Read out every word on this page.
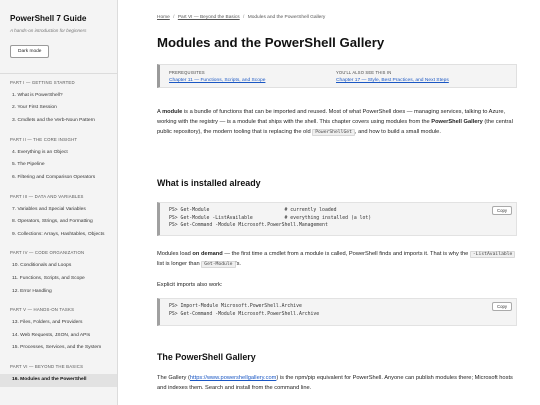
PowerShell 7 Guide
A hands-on introduction for beginners
Dark mode
PART I — GETTING STARTED
1. What is PowerShell?
2. Your First Session
3. Cmdlets and the Verb-Noun Pattern
PART II — THE CORE INSIGHT
4. Everything is an Object
5. The Pipeline
6. Filtering and Comparison Operators
PART III — DATA AND VARIABLES
7. Variables and Special Variables
8. Operators, Strings, and Formatting
9. Collections: Arrays, Hashtables, Objects
PART IV — CODE ORGANIZATION
10. Conditionals and Loops
11. Functions, Scripts, and Scope
12. Error Handling
PART V — HANDS-ON TASKS
13. Files, Folders, and Providers
14. Web Requests, JSON, and APIs
15. Processes, Services, and the System
PART VI — BEYOND THE BASICS
16. Modules and the PowerShell
Home / Part VI — Beyond the Basics / Modules and the PowerShell Gallery
Modules and the PowerShell Gallery
PREREQUISITES
Chapter 11 — Functions, Scripts, and Scope
YOU'LL ALSO SEE THIS IN
Chapter 17 — Style, Best Practices, and Next Steps

A module is a bundle of functions that can be imported and reused. Most of what PowerShell does — managing services, talking to Azure, working with the registry — is a module that ships with the shell. This chapter covers using modules from the PowerShell Gallery (the central public repository), the modern tooling that is replacing the old PowerShellGet , and how to build a small module.

What is installed already
Copy
PS> Get-Module                          # currently loaded
PS> Get-Module -ListAvailable           # everything installed (a lot)
PS> Get-Command -Module Microsoft.PowerShell.Management

Modules load on demand — the first time a cmdlet from a module is called, PowerShell finds and imports it. That is why the -ListAvailable list is longer than Get-Module 's.

Explicit imports also work:

Copy
PS> Import-Module Microsoft.PowerShell.Archive
PS> Get-Command -Module Microsoft.PowerShell.Archive
The PowerShell Gallery

The Gallery (https://www.powershellgallery.com) is the npm/pip equivalent for PowerShell. Anyone can publish modules there; Microsoft hosts and indexes them. Search and install from the command line.
